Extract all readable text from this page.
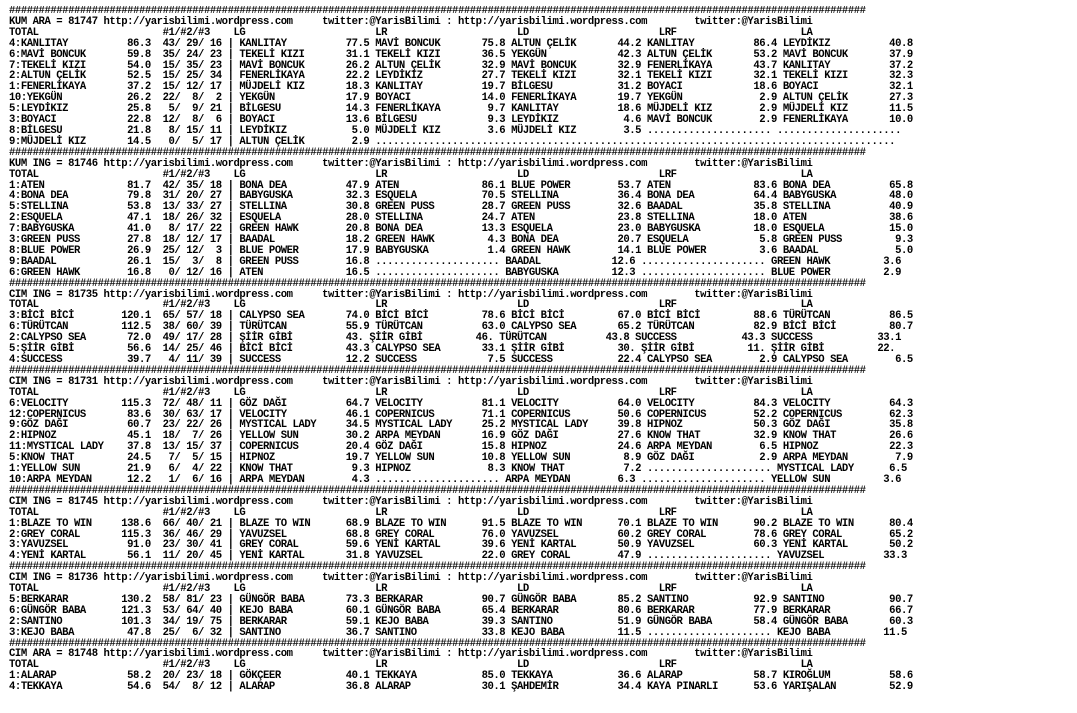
#################################################################################################################################################
KUM ARA = 81747 http://yarisbilimi.wordpress.com     twitter:@YarisBilimi : http://yarisbilimi.wordpress.com        twitter:@YarisBilimi
TOTAL                     #1/#2/#3    LG                      LR                      LD                      LRF                     LA
4:KANLITAY          86.3  43/ 29/ 16 | KANLITAY          77.5 MAVİ BONCUK       75.8 ALTUN ÇELİK       44.2 KANLITAY          86.4 LEYDİKIZ          40.8
6:MAVİ BONCUK       59.8  35/ 24/ 23 | TEKELİ KIZI       31.1 TEKELİ KIZI       36.5 YEKGÜN            42.3 ALTUN ÇELİK       53.2 MAVİ BONCUK       37.9
7:TEKELİ KIZI       54.0  15/ 35/ 23 | MAVİ BONCUK       26.2 ALTUN ÇELİK       32.9 MAVİ BONCUK       32.9 FENERLİKAYA       43.7 KANLITAY          37.2
2:ALTUN ÇELİK       52.5  15/ 25/ 34 | FENERLİKAYA       22.2 LEYDİKIZ          27.7 TEKELİ KIZI       32.1 TEKELİ KIZI       32.1 TEKELİ KIZI       32.3
1:FENERLİKAYA       37.2  15/ 12/ 17 | MÜJDELİ KIZ       18.3 KANLITAY          19.7 BİLGESU           31.2 BOYACI            18.6 BOYACI            32.1
10:YEKGÜN           26.2  22/  8/  2 | YEKGÜN            17.9 BOYACI            14.0 FENERLİKAYA       19.7 YEKGÜN             2.9 ALTUN ÇELİK       27.3
5:LEYDİKIZ          25.8   5/  9/ 21 | BİLGESU           14.3 FENERLİKAYA        9.7 KANLITAY          18.6 MÜJDELİ KIZ        2.9 MÜJDELİ KIZ       11.5
3:BOYACI            22.8  12/  8/  6 | BOYACI            13.6 BİLGESU            9.3 LEYDİKIZ           4.6 MAVİ BONCUK        2.9 FENERLİKAYA       10.0
8:BİLGESU           21.8   8/ 15/ 11 | LEYDİKIZ           5.0 MÜJDELİ KIZ        3.6 MÜJDELİ KIZ        3.5 ..................... .....................
9:MÜJDELİ KIZ       14.5   0/  5/ 17 | ALTUN ÇELİK        2.9 ........................................................................................
#################################################################################################################################################
KUM ING = 81746 http://yarisbilimi.wordpress.com     twitter:@YarisBilimi : http://yarisbilimi.wordpress.com        twitter:@YarisBilimi
TOTAL                     #1/#2/#3    LG                      LR                      LD                      LRF                     LA
1:ATEN              81.7  42/ 35/ 18 | BONA DEA          47.9 ATEN              86.1 BLUE POWER        53.7 ATEN              83.6 BONA DEA          65.8
4:BONA DEA          79.8  31/ 20/ 27 | BABYGUSKA         32.3 ESQUELA           70.5 STELLINA          36.4 BONA DEA          64.4 BABYGUSKA         48.0
5:STELLINA          53.8  13/ 33/ 27 | STELLINA          30.8 GREEN PUSS        28.7 GREEN PUSS        32.6 BAADAL            35.8 STELLINA          40.9
2:ESQUELA           47.1  18/ 26/ 32 | ESQUELA           28.0 STELLINA          24.7 ATEN              23.8 STELLINA          18.0 ATEN              38.6
7:BABYGUSKA         41.0   8/ 17/ 22 | GREEN HAWK        20.8 BONA DEA          13.3 ESQUELA           23.0 BABYGUSKA         18.0 ESQUELA           15.0
3:GREEN PUSS        27.8  18/ 12/ 17 | BAADAL            18.2 GREEN HAWK         4.3 BONA DEA          20.7 ESQUELA            5.8 GREEN PUSS         9.3
8:BLUE POWER        26.9  25/ 12/  3 | BLUE POWER        17.9 BABYGUSKA          1.4 GREEN HAWK        14.1 BLUE POWER         3.6 BAADAL             5.0
9:BAADAL            26.1  15/  3/  8 | GREEN PUSS        16.8 ..................... BAADAL            12.6 ..................... GREEN HAWK         3.6
6:GREEN HAWK        16.8   0/ 12/ 16 | ATEN              16.5 ..................... BABYGUSKA         12.3 ..................... BLUE POWER         2.9
#################################################################################################################################################
CIM ING = 81735 http://yarisbilimi.wordpress.com     twitter:@YarisBilimi : http://yarisbilimi.wordpress.com        twitter:@YarisBilimi
TOTAL                     #1/#2/#3    LG                      LR                      LD                      LRF                     LA
3:BİCİ BİCİ        120.1  65/ 57/ 18 | CALYPSO SEA       74.0 BİCİ BİCİ         78.6 BİCİ BİCİ         67.0 BİCİ BİCİ         88.6 TÜRÜTCAN          86.5
6:TÜRÜTCAN         112.5  38/ 60/ 39 | TÜRÜTCAN          55.9 TÜRÜTCAN          63.0 CALYPSO SEA       65.2 TÜRÜTCAN          82.9 BİCİ BİCİ         80.7
2:CALYPSO SEA       72.0  49/ 17/ 28 | ŞİİR GİBİ         43. ŞİİR GİBİ         46. TÜRÜTCAN          43.8 SUCCESS           43.3 SUCCESS           33.1
5:ŞİİR GİBİ         56.6  14/ 25/ 46 | BİCİ BİCİ         43.3 CALYPSO SEA       33.1 ŞİİR GİBİ         30. ŞİİR GİBİ         11. ŞİİR GİBİ         22.
4:SUCCESS           39.7   4/ 11/ 39 | SUCCESS           12.2 SUCCESS            7.5 SUCCESS           22.4 CALYPSO SEA        2.9 CALYPSO SEA        6.5
#################################################################################################################################################
CIM ING = 81731 http://yarisbilimi.wordpress.com     twitter:@YarisBilimi : http://yarisbilimi.wordpress.com        twitter:@YarisBilimi
TOTAL                     #1/#2/#3    LG                      LR                      LD                      LRF                     LA
6:VELOCITY         115.3  72/ 48/ 11 | GÖZ DAĞI          64.7 VELOCITY          81.1 VELOCITY          64.0 VELOCITY          84.3 VELOCITY          64.3
12:COPERNICUS       83.6  30/ 63/ 17 | VELOCITY          46.1 COPERNICUS        71.1 COPERNICUS        50.6 COPERNICUS        52.2 COPERNICUS        62.3
9:GÖZ DAĞI          60.7  23/ 22/ 26 | MYSTICAL LADY     34.5 MYSTICAL LADY     25.2 MYSTICAL LADY     39.8 HIPNOZ            50.3 GÖZ DAĞI          35.8
2:HIPNOZ            45.1  18/  7/ 26 | YELLOW SUN        30.2 ARPA MEYDAN       16.9 GÖZ DAĞI          27.6 KNOW THAT         32.9 KNOW THAT         26.6
11:MYSTICAL LADY    37.8  13/ 15/ 37 | COPERNICUS        20.4 GÖZ DAĞI          15.8 HIPNOZ            24.6 ARPA MEYDAN        6.5 HIPNOZ            22.3
5:KNOW THAT         24.5   7/  5/ 15 | HIPNOZ            19.7 YELLOW SUN        10.8 YELLOW SUN         8.9 GÖZ DAĞI           2.9 ARPA MEYDAN        7.9
1:YELLOW SUN        21.9   6/  4/ 22 | KNOW THAT          9.3 HIPNOZ             8.3 KNOW THAT          7.2 ..................... MYSTICAL LADY      6.5
10:ARPA MEYDAN      12.2   1/  6/ 16 | ARPA MEYDAN        4.3 ..................... ARPA MEYDAN        6.3 ..................... YELLOW SUN         3.6
#################################################################################################################################################
CIM ING = 81745 http://yarisbilimi.wordpress.com     twitter:@YarisBilimi : http://yarisbilimi.wordpress.com        twitter:@YarisBilimi
TOTAL                     #1/#2/#3    LG                      LR                      LD                      LRF                     LA
1:BLAZE TO WIN     138.6  66/ 40/ 21 | BLAZE TO WIN      68.9 BLAZE TO WIN      91.5 BLAZE TO WIN      70.1 BLAZE TO WIN      90.2 BLAZE TO WIN      80.4
2:GREY CORAL       115.3  36/ 46/ 29 | YAVUZSEL          68.8 GREY CORAL        76.0 YAVUZSEL          60.2 GREY CORAL        78.6 GREY CORAL        65.2
3:YAVUZSEL          91.0  23/ 30/ 41 | GREY CORAL        59.6 YENİ KARTAL       39.6 YENİ KARTAL       50.9 YAVUZSEL          60.3 YENİ KARTAL       50.2
4:YENİ KARTAL       56.1  11/ 20/ 45 | YENİ KARTAL       31.8 YAVUZSEL          22.0 GREY CORAL        47.9 ..................... YAVUZSEL          33.3
#################################################################################################################################################
CIM ING = 81736 http://yarisbilimi.wordpress.com     twitter:@YarisBilimi : http://yarisbilimi.wordpress.com        twitter:@YarisBilimi
TOTAL                     #1/#2/#3    LG                      LR                      LD                      LRF                     LA
5:BERKARAR         130.2  58/ 81/ 23 | GÜNGÖR BABA       73.3 BERKARAR          90.7 GÜNGÖR BABA       85.2 SANTINO           92.9 SANTINO           90.7
6:GÜNGÖR BABA      121.3  53/ 64/ 40 | KEJO BABA         60.1 GÜNGÖR BABA       65.4 BERKARAR          80.6 BERKARAR          77.9 BERKARAR          66.7
2:SANTINO          101.3  34/ 19/ 75 | BERKARAR          59.1 KEJO BABA         39.3 SANTINO           51.9 GÜNGÖR BABA       58.4 GÜNGÖR BABA       60.3
3:KEJO BABA         47.8  25/  6/ 32 | SANTINO           36.7 SANTINO           33.8 KEJO BABA         11.5 ..................... KEJO BABA         11.5
#################################################################################################################################################
CIM ARA = 81748 http://yarisbilimi.wordpress.com     twitter:@YarisBilimi : http://yarisbilimi.wordpress.com        twitter:@YarisBilimi
TOTAL                     #1/#2/#3    LG                      LR                      LD                      LRF                     LA
1:ALARAP            58.2  20/ 23/ 18 | GÖKÇEER           40.1 TEKKAYA           85.0 TEKKAYA           36.6 ALARAP            58.7 KIROĞLUM          58.6
4:TEKKAYA           54.6  54/  8/ 12 | ALARAP            36.8 ALARAP            30.1 ŞAHDEMİR          34.4 KAYA PINARLI      53.6 YARIŞALAN         52.9
